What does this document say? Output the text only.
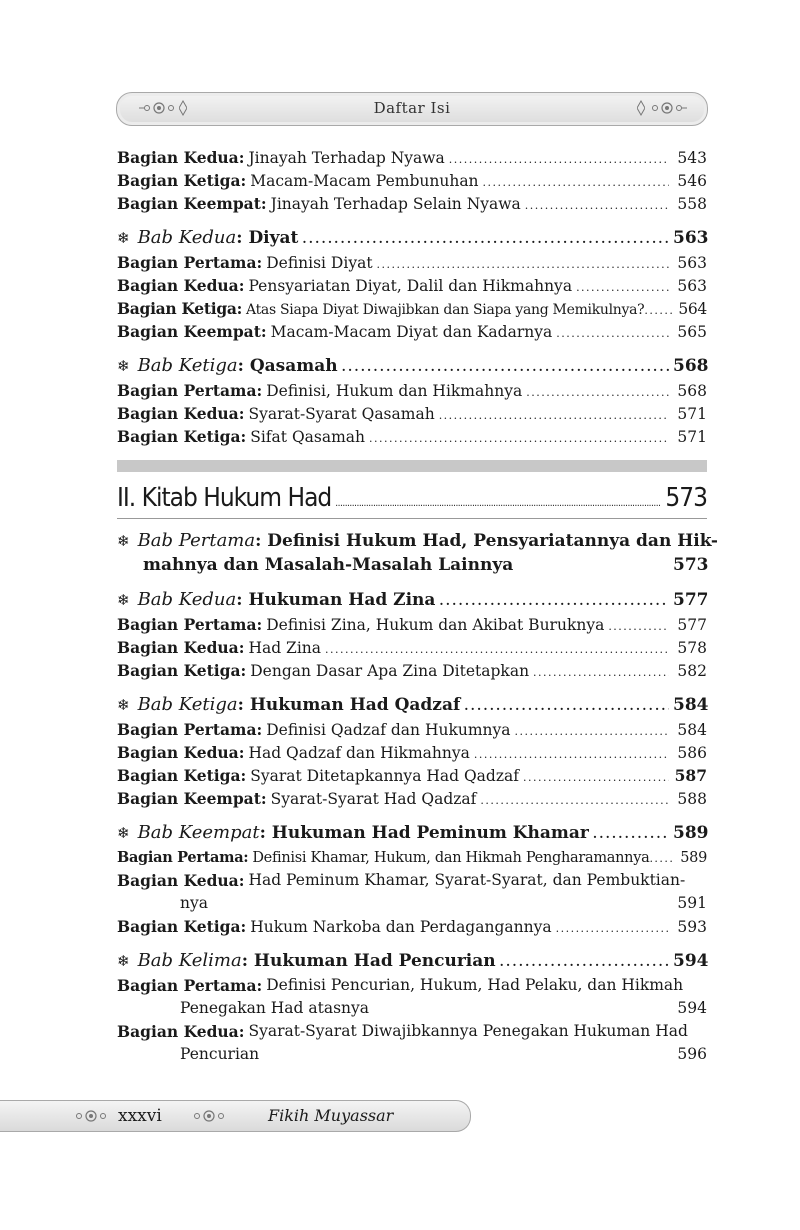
Daftar Isi
Bagian Kedua: Jinayah Terhadap Nyawa . . .	543
Bagian Ketiga: Macam-Macam Pembunuhan . . .	546
Bagian Keempat: Jinayah Terhadap Selain Nyawa . . .	558
❄ Bab Kedua : Diyat . . .	563
Bagian Pertama: Definisi Diyat . . .	563
Bagian Kedua: Pensyariatan Diyat, Dalil dan Hikmahnya . . .	563
Bagian Ketiga: Atas Siapa Diyat Diwajibkan dan Siapa yang Memikulnya? . . .	564
Bagian Keempat: Macam-Macam Diyat dan Kadarnya . . .	565
❄ Bab Ketiga : Qasamah . . .	568
Bagian Pertama: Definisi, Hukum dan Hikmahnya . . .	568
Bagian Kedua: Syarat-Syarat Qasamah . . .	571
Bagian Ketiga: Sifat Qasamah . . .	571
II. Kitab Hukum Had .....	573
❄ Bab Pertama : Definisi Hukum Had, Pensyariatannya dan Hik-
mahnya dan Masalah-Masalah Lainnya	573
❄ Bab Kedua : Hukuman Had Zina . . .	577
Bagian Pertama: Definisi Zina, Hukum dan Akibat Buruknya . . .	577
Bagian Kedua: Had Zina . . .	578
Bagian Ketiga: Dengan Dasar Apa Zina Ditetapkan . . .	582
❄ Bab Ketiga : Hukuman Had Qadzaf . . .	584
Bagian Pertama: Definisi Qadzaf dan Hukumnya . . .	584
Bagian Kedua: Had Qadzaf dan Hikmahnya . . .	586
Bagian Ketiga: Syarat Ditetapkannya Had Qadzaf . . .	587
Bagian Keempat: Syarat-Syarat Had Qadzaf . . .	588
❄ Bab Keempat : Hukuman Had Peminum Khamar . . .	589
Bagian Pertama: Definisi Khamar, Hukum, dan Hikmah Pengharamannya . . .	589
Bagian Kedua: Had Peminum Khamar, Syarat-Syarat, dan Pembuktian-
nya	591
Bagian Ketiga: Hukum Narkoba dan Perdagangannya . . .	593
❄ Bab Kelima : Hukuman Had Pencurian . . .	594
Bagian Pertama: Definisi Pencurian, Hukum, Had Pelaku, dan Hikmah
Penegakan Had atasnya	594
Bagian Kedua: Syarat-Syarat Diwajibkannya Penegakan Hukuman Had
Pencurian	596
xxxvi	Fikih Muyassar
